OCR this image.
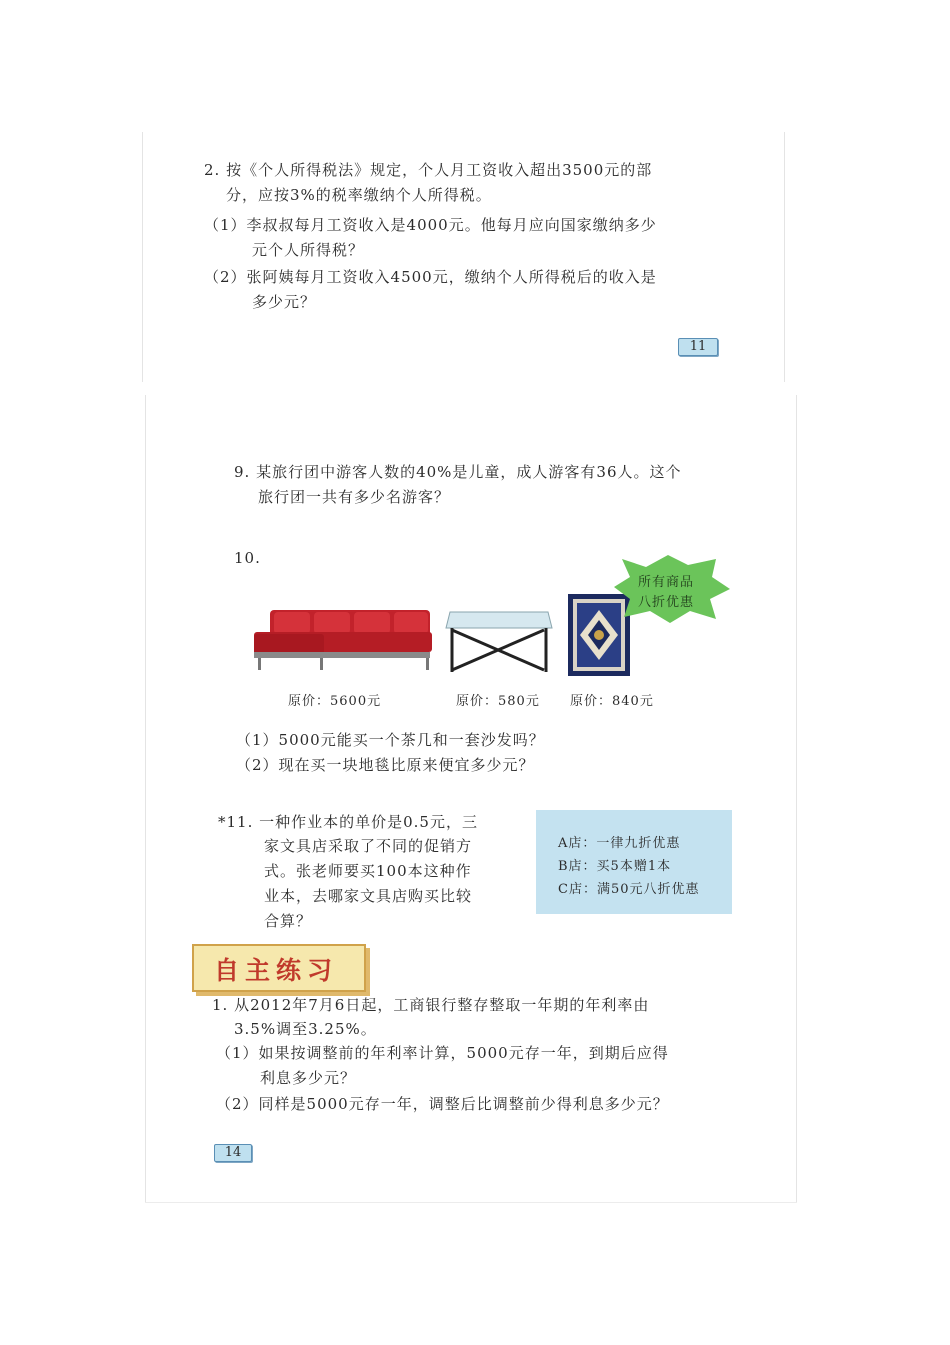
2. 按《个人所得税法》规定，个人月工资收入超出3500元的部
分，应按3%的税率缴纳个人所得税。
（1）李叔叔每月工资收入是4000元。他每月应向国家缴纳多少
元个人所得税？
（2）张阿姨每月工资收入4500元，缴纳个人所得税后的收入是
多少元？
11
9. 某旅行团中游客人数的40%是儿童，成人游客有36人。这个
旅行团一共有多少名游客？
10.
所有商品
八折优惠
原价：5600元	原价：580元 原价：840元
（1）5000元能买一个茶几和一套沙发吗？
（2）现在买一块地毯比原来便宜多少元？
*11. 一种作业本的单价是0.5元，三
家文具店采取了不同的促销方
式。张老师要买100本这种作
业本，去哪家文具店购买比较
合算？
A店：一律九折优惠
B店：买5本赠1本
C店：满50元八折优惠
自主练习
1. 从2012年7月6日起，工商银行整存整取一年期的年利率由
3.5%调至3.25%。
（1）如果按调整前的年利率计算，5000元存一年，到期后应得
利息多少元？
（2）同样是5000元存一年，调整后比调整前少得利息多少元？
14
